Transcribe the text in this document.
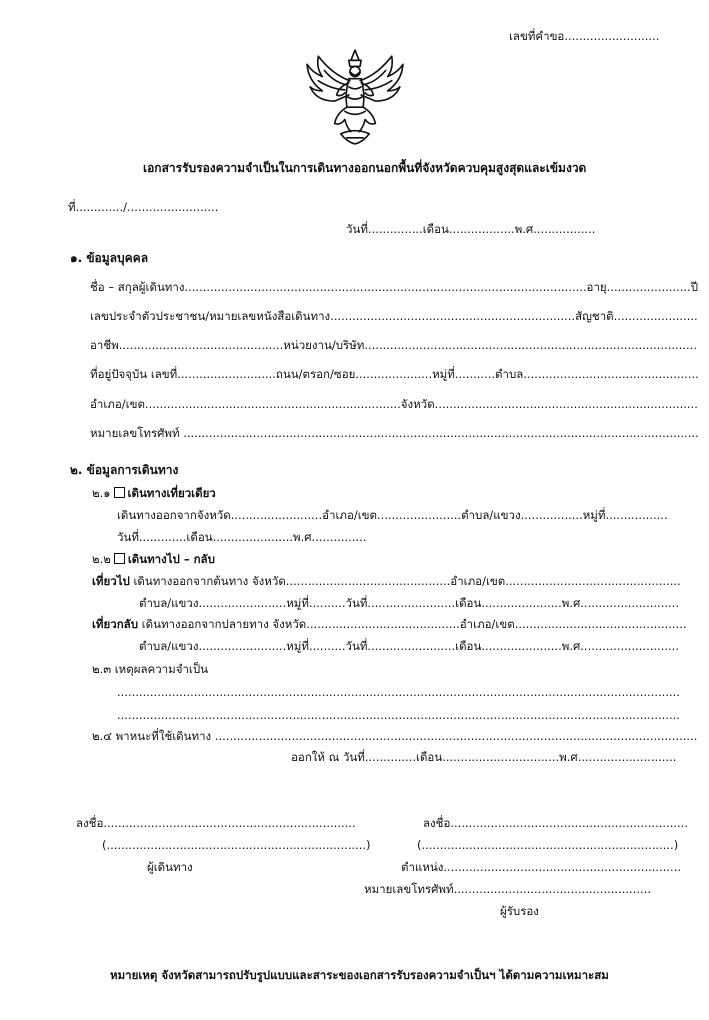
เลขที่คำขอ..........................
เอกสารรับรองความจำเป็นในการเดินทางออกนอกพื้นที่จังหวัดควบคุมสูงสุดและเข้มงวด
ที่............./.........................
วันที่...............เดือน..................พ.ศ.................
๑. ข้อมูลบุคคล
ชื่อ – สกุลผู้เดินทาง..............................................................................................................อายุ.......................ปี
เลขประจำตัวประชาชน/หมายเลขหนังสือเดินทาง...................................................................สัญชาติ.......................
อาชีพ.............................................หน่วยงาน/บริษัท...........................................................................................
ที่อยู่ปัจจุบัน เลขที่...........................ถนน/ตรอก/ซอย.....................หมู่ที่...........ตำบล................................................
อำเภอ/เขต......................................................................จังหวัด........................................................................
หมายเลขโทรศัพท์ .............................................................................................................................................
๒. ข้อมูลการเดินทาง
๒.๑ เดินทางเที่ยวเดียว
เดินทางออกจากจังหวัด.........................อำเภอ/เขต.......................ตำบล/แขวง.................หมู่ที่.................
วันที่.............เดือน......................พ.ศ...............
๒.๒ เดินทางไป – กลับ
เที่ยวไป เดินทางออกจากต้นทาง จังหวัด.............................................อำเภอ/เขต................................................
ตำบล/แขวง........................หมู่ที่..........วันที่........................เดือน......................พ.ศ...........................
เที่ยวกลับ เดินทางออกจากปลายทาง จังหวัด..........................................อำเภอ/เขต...............................................
ตำบล/แขวง........................หมู่ที่..........วันที่........................เดือน......................พ.ศ...........................
๒.๓ เหตุผลความจำเป็น
..........................................................................................................................................................
..........................................................................................................................................................
๒.๔ พาหนะที่ใช้เดินทาง ....................................................................................................................................
ออกให้ ณ วันที่..............เดือน................................พ.ศ...........................
ลงชื่อ.....................................................................
(.......................................................................)
ผู้เดินทาง
ลงชื่อ.................................................................
(.....................................................................)
ตำแหน่ง.................................................................
หมายเลขโทรศัพท์......................................................
ผู้รับรอง
หมายเหตุ จังหวัดสามารถปรับรูปแบบและสาระของเอกสารรับรองความจำเป็นฯ ได้ตามความเหมาะสม
